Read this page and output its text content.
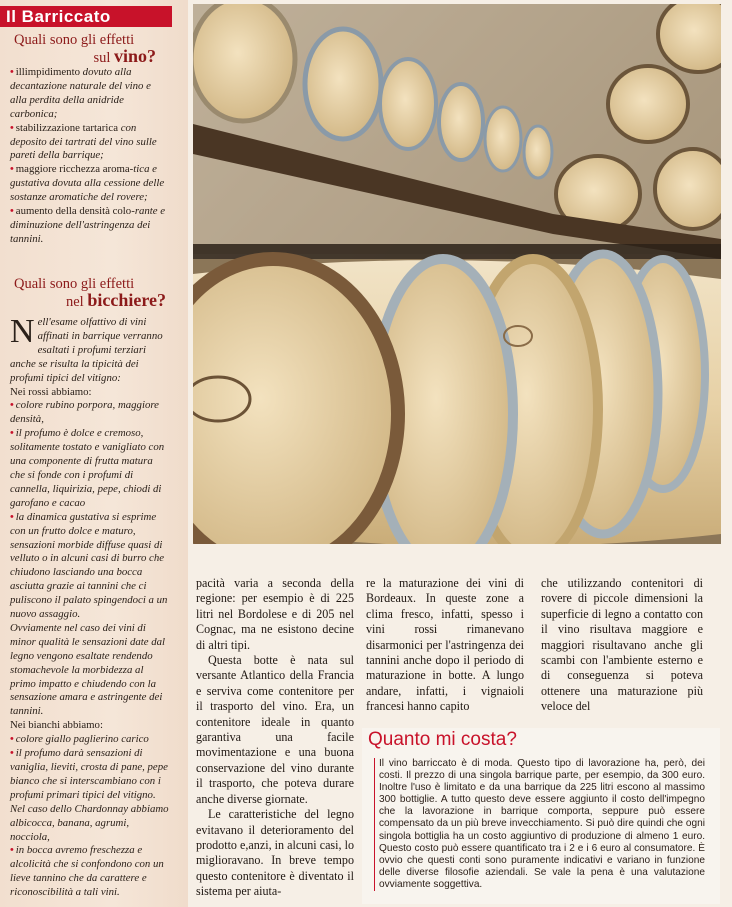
Il Barriccato
Quali sono gli effetti
sul vino?

• illimpidimento dovuto alla decantazione naturale del vino e alla perdita della anidride carbonica;

• stabilizzazione tartarica con deposito dei tartrati del vino sulle pareti della barrique;

• maggiore ricchezza aroma-tica e gustativa dovuta alla cessione delle sostanze aromatiche del rovere;

• aumento della densità colo-rante e diminuzione dell'astringenza dei tannini.

Quali sono gli effetti
nel bicchiere?

Nell'esame olfattivo di vini affinati in barrique verranno esaltati i profumi terziari anche se risulta la tipicità dei profumi tipici del vitigno:

Nei rossi abbiamo:

• colore rubino porpora, maggiore densità,

• il profumo è dolce e cremoso, solitamente tostato e vanigliato con una componente di frutta matura che si fonde con i profumi di cannella, liquirizia, pepe, chiodi di garofano e cacao

• la dinamica gustativa si esprime con un frutto dolce e maturo, sensazioni morbide diffuse quasi di velluto o in alcuni casi di burro che chiudono lasciando una bocca asciutta grazie ai tannini che ci puliscono il palato spingendoci a un nuovo assaggio.

Ovviamente nel caso dei vini di minor qualità le sensazioni date dal legno vengono esaltate rendendo stomachevole la morbidezza al primo impatto e chiudendo con la sensazione amara e astringente dei tannini.

Nei bianchi abbiamo:

• colore giallo paglierino carico

• il profumo darà sensazioni di vaniglia, lieviti, crosta di pane, pepe bianco che si interscambiano con i profumi primari tipici del vitigno. Nel caso dello Chardonnay abbiamo albicocca, banana, agrumi, nocciola,

• in bocca avremo freschezza e alcolicità che si confondono con un lieve tannino che da carattere e riconoscibilità a tali vini.

pacità varia a seconda della regione: per esempio è di 225 litri nel Bordolese e di 205 nel Cognac, ma ne esistono decine di altri tipi.

Questa botte è nata sul versante Atlantico della Francia e serviva come contenitore per il trasporto del vino. Era, un contenitore ideale in quanto garantiva una facile movimentazione e una buona conservazione del vino durante il trasporto, che poteva durare anche diverse giornate.

Le caratteristiche del legno evitavano il deterioramento del prodotto e,anzi, in alcuni casi, lo miglioravano. In breve tempo questo contenitore è diventato il sistema per aiuta-

re la maturazione dei vini di Bordeaux. In queste zone a clima fresco, infatti, spesso i vini rossi rimanevano disarmonici per l'astringenza dei tannini anche dopo il periodo di maturazione in botte. A lungo andare, infatti, i vignaioli francesi hanno capito

che utilizzando contenitori di rovere di piccole dimensioni la superficie di legno a contatto con il vino risultava maggiore e maggiori risultavano anche gli scambi con l'ambiente esterno e di conseguenza si poteva ottenere una maturazione più veloce del

Quanto mi costa?
Il vino barriccato è di moda. Questo tipo di lavorazione ha, però, dei costi. Il prezzo di una singola barrique parte, per esempio, da 300 euro. Inoltre l'uso è limitato e da una barrique da 225 litri escono al massimo 300 bottiglie. A tutto questo deve essere aggiunto il costo dell'impegno che la lavorazione in barrique comporta, seppure può essere compensato da un più breve invecchiamento. Si può dire quindi che ogni singola bottiglia ha un costo aggiuntivo di produzione di almeno 1 euro. Questo costo può essere quantificato tra i 2 e i 6 euro al consumatore. È ovvio che questi conti sono puramente indicativi e variano in funzione delle diverse filosofie aziendali. Se vale la pena è una valutazione ovviamente soggettiva.
